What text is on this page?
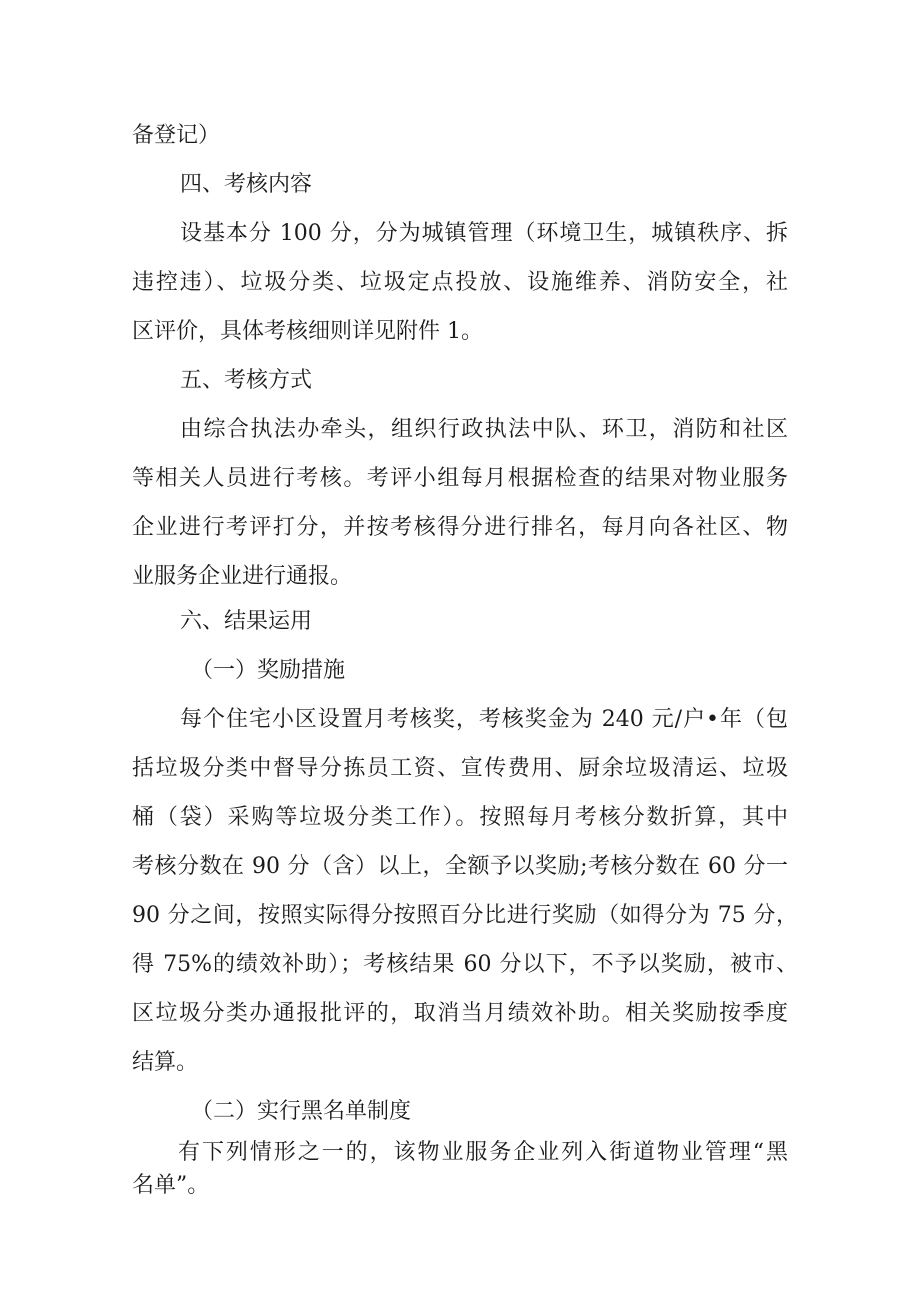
备登记）
四、考核内容
设基本分 100 分，分为城镇管理（环境卫生，城镇秩序、拆
违控违）、垃圾分类、垃圾定点投放、设施维养、消防安全，社
区评价，具体考核细则详见附件 1。
五、考核方式
由综合执法办牵头，组织行政执法中队、环卫，消防和社区
等相关人员进行考核。考评小组每月根据检查的结果对物业服务
企业进行考评打分，并按考核得分进行排名，每月向各社区、物
业服务企业进行通报。
六、结果运用
（一）奖励措施
每个住宅小区设置月考核奖，考核奖金为 240 元/户•年（包
括垃圾分类中督导分拣员工资、宣传费用、厨余垃圾清运、垃圾
桶（袋）采购等垃圾分类工作）。按照每月考核分数折算，其中
考核分数在 90 分（含）以上，全额予以奖励;考核分数在 60 分一
90 分之间，按照实际得分按照百分比进行奖励（如得分为 75 分，
得 75%的绩效补助）；考核结果 60 分以下，不予以奖励，被市、
区垃圾分类办通报批评的，取消当月绩效补助。相关奖励按季度
结算。
（二）实行黑名单制度
有下列情形之一的，该物业服务企业列入街道物业管理“黑
名单”。
